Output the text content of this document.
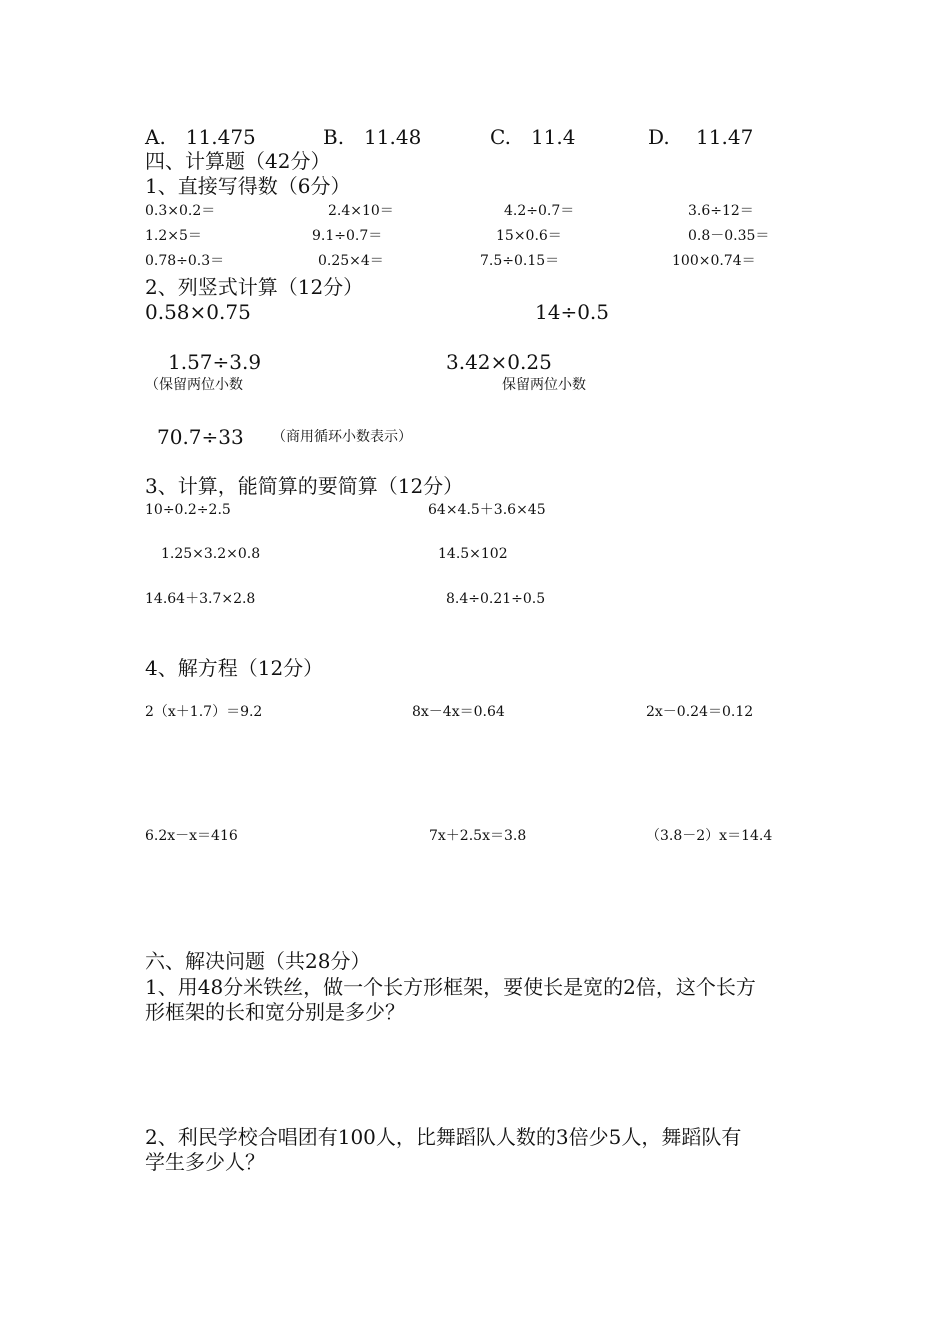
A.　11.475	B.　11.48	C.　11.4	D.　 11.47
四、计算题（42分）
1、直接写得数（6分）
0.3×0.2＝	2.4×10＝	4.2÷0.7＝	3.6÷12＝
1.2×5＝	9.1÷0.7＝	15×0.6＝	0.8－0.35＝
0.78÷0.3＝	0.25×4＝	7.5÷0.15＝	100×0.74＝
2、列竖式计算（12分）
0.58×0.75	14÷0.5
1.57÷3.9	3.42×0.25
（保留两位小数	保留两位小数
70.7÷33 （商用循环小数表示）
3、计算，能简算的要简算（12分）
10÷0.2÷2.5	64×4.5＋3.6×45
1.25×3.2×0.8	14.5×102
14.64＋3.7×2.8	8.4÷0.21÷0.5
4、解方程（12分）
2（x＋1.7）＝9.2	8x－4x＝0.64	2x－0.24＝0.12
6.2x－x＝416	7x＋2.5x＝3.8	（3.8－2）x＝14.4
六、解决问题（共28分）
1、用48分米铁丝，做一个长方形框架，要使长是宽的2倍，这个长方
形框架的长和宽分别是多少？
2、利民学校合唱团有100人，比舞蹈队人数的3倍少5人，舞蹈队有
学生多少人？
